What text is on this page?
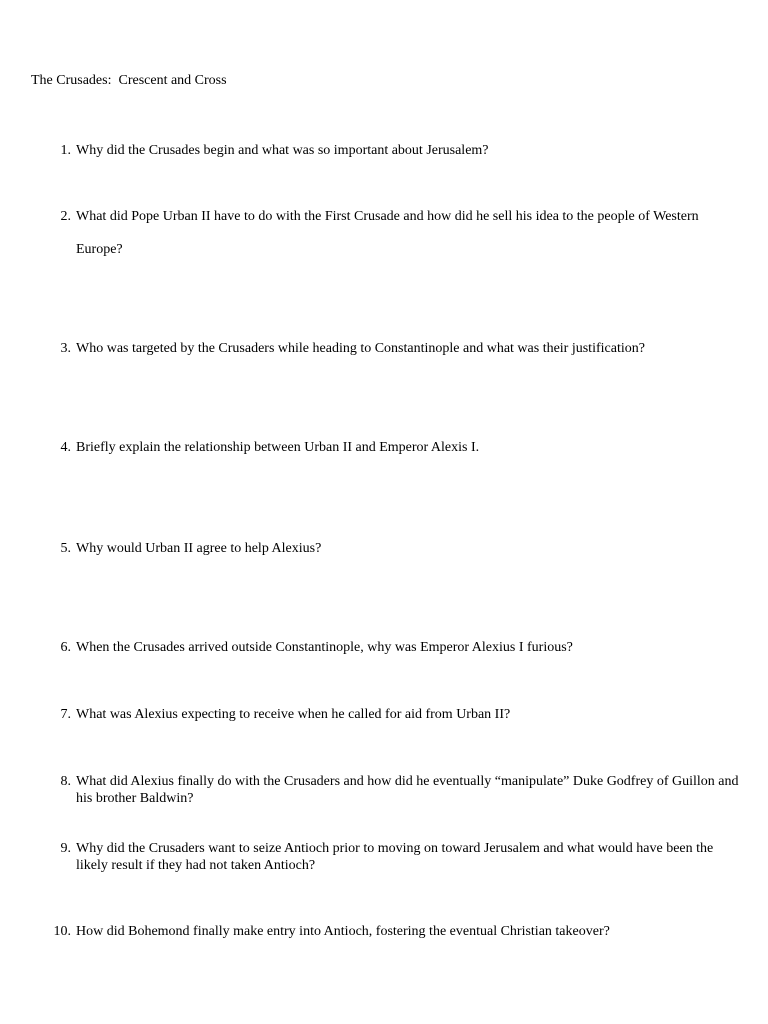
The Crusades:  Crescent and Cross
1. Why did the Crusades begin and what was so important about Jerusalem?
2. What did Pope Urban II have to do with the First Crusade and how did he sell his idea to the people of Western Europe?
3. Who was targeted by the Crusaders while heading to Constantinople and what was their justification?
4. Briefly explain the relationship between Urban II and Emperor Alexis I.
5. Why would Urban II agree to help Alexius?
6. When the Crusades arrived outside Constantinople, why was Emperor Alexius I furious?
7. What was Alexius expecting to receive when he called for aid from Urban II?
8. What did Alexius finally do with the Crusaders and how did he eventually “manipulate” Duke Godfrey of Guillon and his brother Baldwin?
9. Why did the Crusaders want to seize Antioch prior to moving on toward Jerusalem and what would have been the likely result if they had not taken Antioch?
10. How did Bohemond finally make entry into Antioch, fostering the eventual Christian takeover?
